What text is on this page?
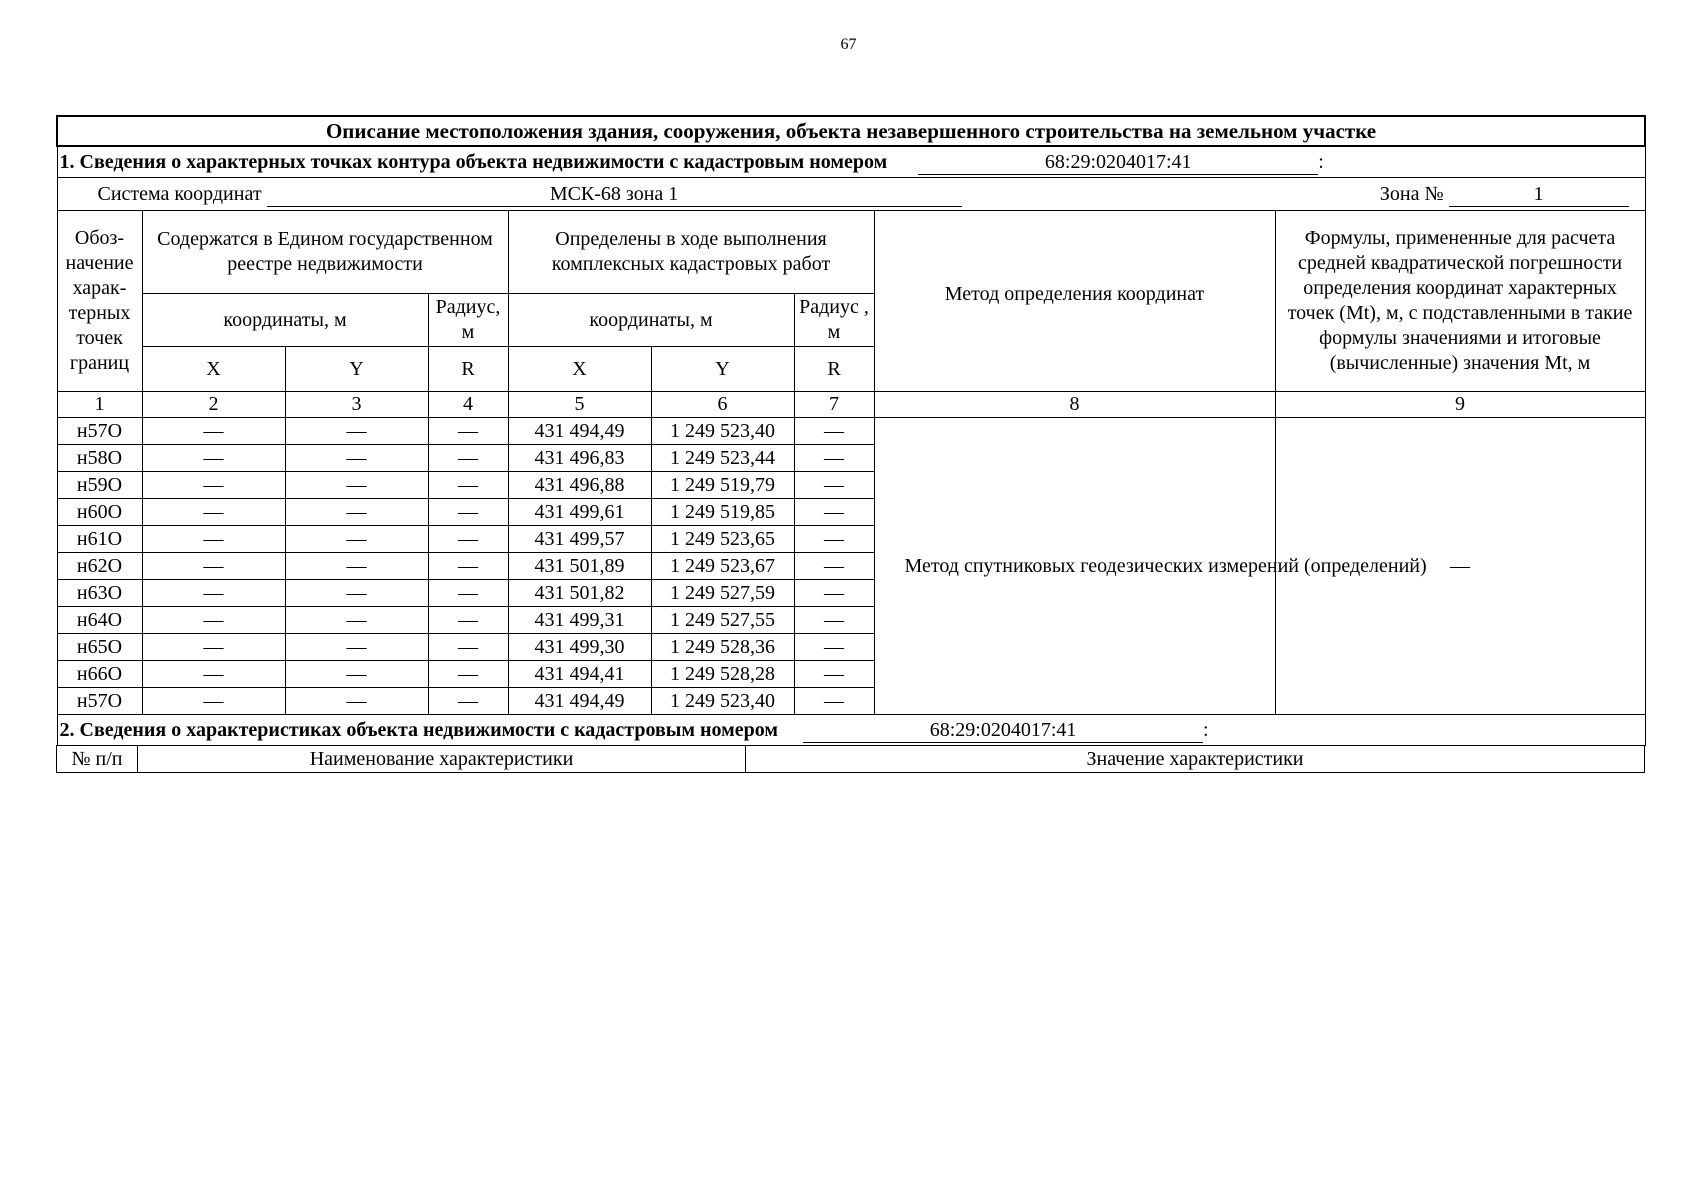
67
Описание местоположения здания, сооружения, объекта незавершенного строительства на земельном участке								
1. Сведения о характерных точках контура объекта недвижимости с кадастровым номером 68:29:0204017:41 :								
Система координат МСК-68 зона 1 Зона № 1								

Обоз-начение харак-терных точек границ	Содержатся в Едином государственном реестре недвижимости			Определены в ходе выполнения комплексных кадастровых работ			Метод определения координат	Формулы, примененные для расчета средней квадратической погрешности определения координат характерных точек (Mt), м, с подставленными в такие формулы значениями и итоговые (вычисленные) значения Mt, м
	координаты, м		Радиус, м	координаты, м		Радиус , м		
	X	Y	R	X	Y	R		
1	2	3	4	5	6	7	8	9
н57О	—	—	—	431 494,49	1 249 523,40	—	Метод спутниковых геодезических измерений (определений)	—
н58О	—	—	—	431 496,83	1 249 523,44	—		
н59О	—	—	—	431 496,88	1 249 519,79	—		
н60О	—	—	—	431 499,61	1 249 519,85	—		
н61О	—	—	—	431 499,57	1 249 523,65	—		
н62О	—	—	—	431 501,89	1 249 523,67	—		
н63О	—	—	—	431 501,82	1 249 527,59	—		
н64О	—	—	—	431 499,31	1 249 527,55	—		
н65О	—	—	—	431 499,30	1 249 528,36	—		
н66О	—	—	—	431 494,41	1 249 528,28	—		
н57О	—	—	—	431 494,49	1 249 523,40	—		
2. Сведения о характеристиках объекта недвижимости с кадастровым номером 68:29:0204017:41 :								
№ п/п	Наименование характеристики	Значение характеристики
